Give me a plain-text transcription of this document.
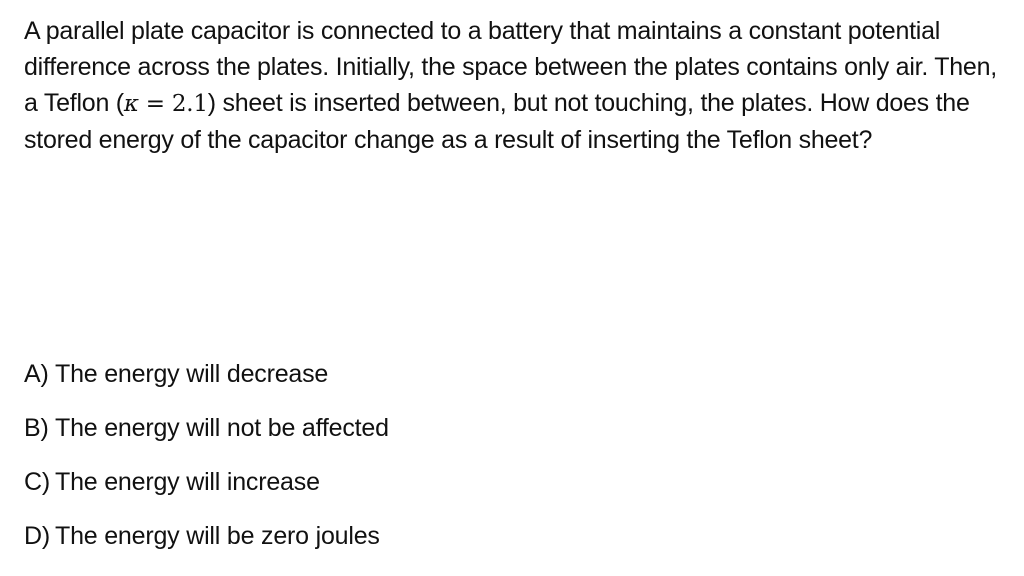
A parallel plate capacitor is connected to a battery that maintains a constant potential difference across the plates. Initially, the space between the plates contains only air. Then, a Teflon (κ = 2.1) sheet is inserted between, but not touching, the plates. How does the stored energy of the capacitor change as a result of inserting the Teflon sheet?

A) The energy will decrease
B) The energy will not be affected
C) The energy will increase
D) The energy will be zero joules
